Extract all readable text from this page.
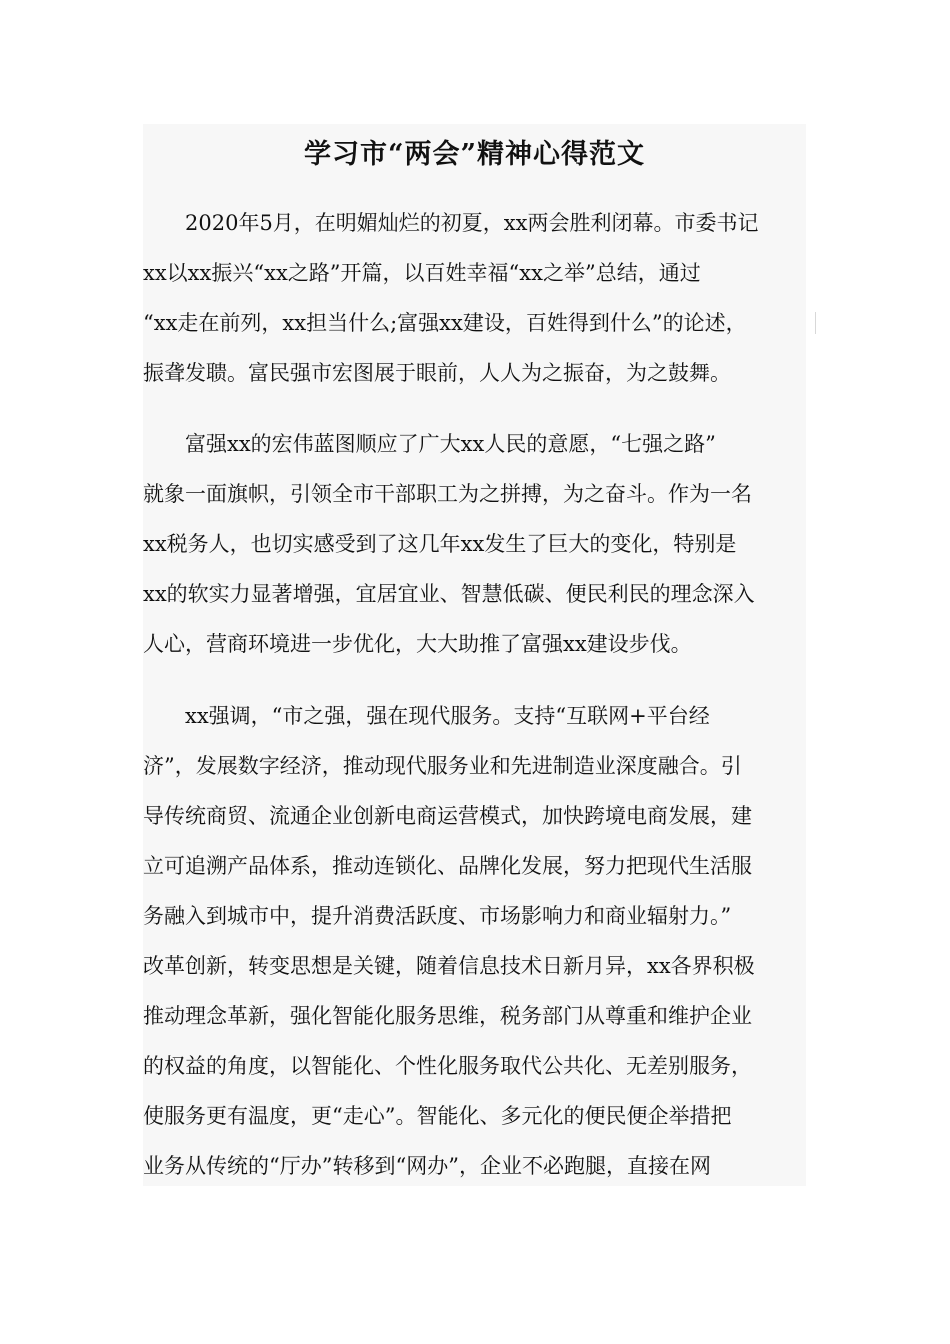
学习市“两会”精神心得范文
　　2020年5月，在明媚灿烂的初夏，xx两会胜利闭幕。市委书记
xx以xx振兴“xx之路”开篇，以百姓幸福“xx之举”总结，通过
“xx走在前列，xx担当什么;富强xx建设，百姓得到什么”的论述，
振聋发聩。富民强市宏图展于眼前，人人为之振奋，为之鼓舞。
　　富强xx的宏伟蓝图顺应了广大xx人民的意愿，“七强之路”
就象一面旗帜，引领全市干部职工为之拼搏，为之奋斗。作为一名
xx税务人，也切实感受到了这几年xx发生了巨大的变化，特别是
xx的软实力显著增强，宜居宜业、智慧低碳、便民利民的理念深入
人心，营商环境进一步优化，大大助推了富强xx建设步伐。
　　xx强调，“市之强，强在现代服务。支持“互联网+平台经
济”，发展数字经济，推动现代服务业和先进制造业深度融合。引
导传统商贸、流通企业创新电商运营模式，加快跨境电商发展，建
立可追溯产品体系，推动连锁化、品牌化发展，努力把现代生活服
务融入到城市中，提升消费活跃度、市场影响力和商业辐射力。”
改革创新，转变思想是关键，随着信息技术日新月异，xx各界积极
推动理念革新，强化智能化服务思维，税务部门从尊重和维护企业
的权益的角度，以智能化、个性化服务取代公共化、无差别服务，
使服务更有温度，更“走心”。智能化、多元化的便民便企举措把
业务从传统的“厅办”转移到“网办”，企业不必跑腿，直接在网
